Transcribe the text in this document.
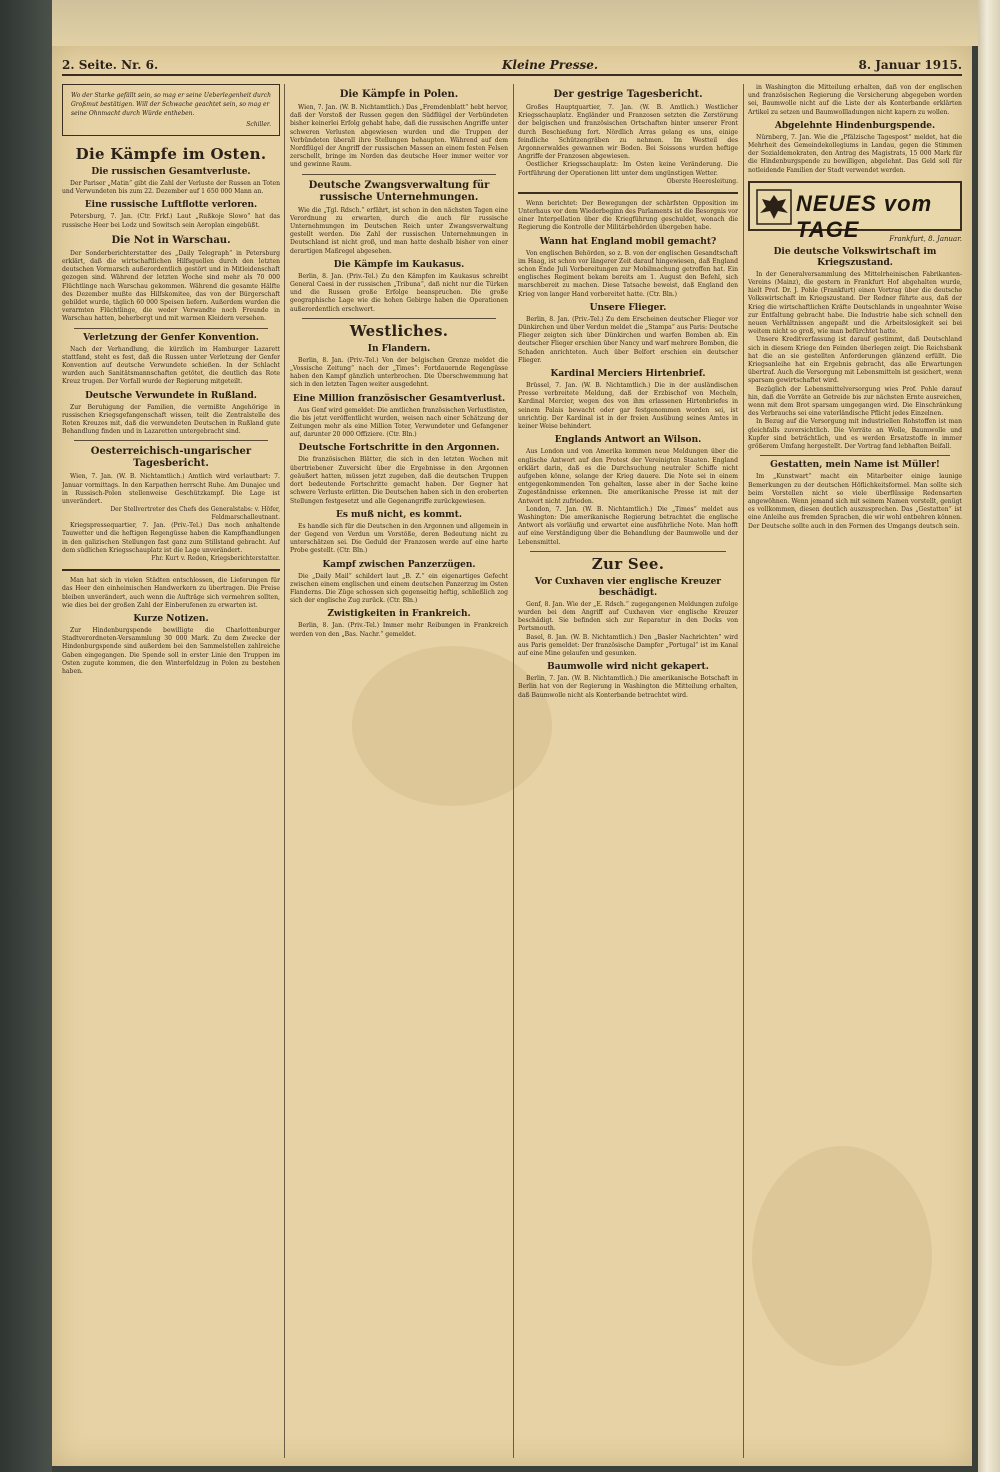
2. Seite. Nr. 6.	Kleine Presse.	8. Januar 1915.
Wo der Starke gefällt sein, so mag er seine Ueberlegenheit durch Großmut bestätigen. Will der Schwache geachtet sein, so mag er seine Ohnmacht durch Würde entheben.
Schiller.
Die Kämpfe im Osten.
Die russischen Gesamtverluste.

Der Pariser „Matin“ gibt die Zahl der Verluste der Russen an Toten und Verwundeten bis zum 22. Dezember auf 1 650 000 Mann an.

Eine russische Luftflotte verloren.

Petersburg, 7. Jan. (Ctr. Frkf.) Laut „Rußkoje Slowo“ hat das russische Heer bei Lodz und Sowitsch sein Aeroplan eingebüßt.

Die Not in Warschau.

Der Sonderberichterstatter des „Daily Telegraph“ in Petersburg erklärt, daß die wirtschaftlichen Hilfsquellen durch den letzten deutschen Vormarsch außerordentlich gestört und in Mitleidenschaft gezogen sind. Während der letzten Woche sind mehr als 70 000 Flüchtlinge nach Warschau gekommen. Während die gesamte Hälfte des Dezember mußte das Hilfskomitee, das von der Bürgerschaft gebildet wurde, täglich 60 000 Speisen liefern. Außerdem wurden die verarmten Flüchtlinge, die weder Verwandte noch Freunde in Warschau hatten, beherbergt und mit warmen Kleidern versehen.

Verletzung der Genfer Konvention.

Nach der Verhandlung, die kürzlich im Hamburger Lazarett stattfand, steht es fest, daß die Russen unter Verletzung der Genfer Konvention auf deutsche Verwundete schießen. In der Schlacht wurden auch Sanitätsmannschaften getötet, die deutlich das Rote Kreuz trugen. Der Vorfall wurde der Regierung mitgeteilt.

Deutsche Verwundete in Rußland.

Zur Beruhigung der Familien, die vermißte Angehörige in russischen Kriegsgefangenschaft wissen, teilt die Zentralstelle des Roten Kreuzes mit, daß die verwundeten Deutschen in Rußland gute Behandlung finden und in Lazaretten untergebracht sind.

Oesterreichisch-ungarischer Tagesbericht.

Wien, 7. Jan. (W. B. Nichtamtlich.) Amtlich wird verlautbart: 7. Januar vormittags. In den Karpathen herrscht Ruhe. Am Dunajec und in Russisch-Polen stellenweise Geschützkampf. Die Lage ist unverändert.

Der Stellvertreter des Chefs des Generalstabs: v. Höfer, Feldmarschalleutnant.

Kriegspressequartier, 7. Jan. (Priv.-Tel.) Das noch anhaltende Tauwetter und die heftigen Regengüsse haben die Kampfhandlungen in den galizischen Stellungen fast ganz zum Stillstand gebracht. Auf dem südlichen Kriegsschauplatz ist die Lage unverändert.

Fhr. Kurt v. Reden, Kriegsberichterstatter.

Man hat sich in vielen Städten entschlossen, die Lieferungen für das Heer den einheimischen Handwerkern zu übertragen. Die Preise bleiben unverändert, auch wenn die Aufträge sich vermehren sollten, wie dies bei der großen Zahl der Einberufenen zu erwarten ist.

Kurze Notizen.

Zur Hindenburgspende bewilligte die Charlottenburger Stadtverordneten-Versammlung 30 000 Mark. Zu dem Zwecke der Hindenburgspende sind außerdem bei den Sammelstellen zahlreiche Gaben eingegangen. Die Spende soll in erster Linie den Truppen im Osten zugute kommen, die den Winterfeldzug in Polen zu bestehen haben.

Die Kämpfe in Polen.

Wien, 7. Jan. (W. B. Nichtamtlich.) Das „Fremdenblatt“ hebt hervor, daß der Vorstoß der Russen gegen den Südflügel der Verbündeten bisher keinerlei Erfolg gehabt habe, daß die russischen Angriffe unter schweren Verlusten abgewiesen wurden und die Truppen der Verbündeten überall ihre Stellungen behaupten. Während auf dem Nordflügel der Angriff der russischen Massen an einem festen Felsen zerschellt, bringe im Norden das deutsche Heer immer weiter vor und gewinne Raum.

Deutsche Zwangsverwaltung für russische Unternehmungen.

Wie die „Tgl. Rdsch.“ erfährt, ist schon in den nächsten Tagen eine Verordnung zu erwarten, durch die auch für russische Unternehmungen im Deutschen Reich unter Zwangsverwaltung gestellt werden. Die Zahl der russischen Unternehmungen in Deutschland ist nicht groß, und man hatte deshalb bisher von einer derartigen Maßregel abgesehen.

Die Kämpfe im Kaukasus.

Berlin, 8. Jan. (Priv.-Tel.) Zu den Kämpfen im Kaukasus schreibt General Caesi in der russischen „Tribuna“, daß nicht nur die Türken und die Russen große Erfolge beanspruchen. Die große geographische Lage wie die hohen Gebirge haben die Operationen außerordentlich erschwert.

Westliches.
In Flandern.

Berlin, 8. Jan. (Priv.-Tel.) Von der belgischen Grenze meldet die „Vossische Zeitung“ nach der „Times“: Fortdauernde Regengüsse haben den Kampf gänzlich unterbrochen. Die Überschwemmung hat sich in den letzten Tagen weiter ausgedehnt.

Eine Million französischer Gesamtverlust.

Aus Genf wird gemeldet: Die amtlichen französischen Verlustlisten, die bis jetzt veröffentlicht wurden, weisen nach einer Schätzung der Zeitungen mehr als eine Million Toter, Verwundeter und Gefangener auf, darunter 20 000 Offiziere. (Ctr. Bln.)

Deutsche Fortschritte in den Argonnen.

Die französischen Blätter, die sich in den letzten Wochen mit übertriebener Zuversicht über die Ergebnisse in den Argonnen geäußert hatten, müssen jetzt zugeben, daß die deutschen Truppen dort bedeutende Fortschritte gemacht haben. Der Gegner hat schwere Verluste erlitten. Die Deutschen haben sich in den eroberten Stellungen festgesetzt und alle Gegenangriffe zurückgewiesen.

Es muß nicht, es kommt.

Es handle sich für die Deutschen in den Argonnen und allgemein in der Gegend von Verdun um Vorstöße, deren Bedeutung nicht zu unterschätzen sei. Die Geduld der Franzosen werde auf eine harte Probe gestellt. (Ctr. Bln.)

Kampf zwischen Panzerzügen.

Die „Daily Mail“ schildert laut „B. Z.“ ein eigenartiges Gefecht zwischen einem englischen und einem deutschen Panzerzug im Osten Flanderns. Die Züge schossen sich gegenseitig heftig, schließlich zog sich der englische Zug zurück. (Ctr. Bln.)

Zwistigkeiten in Frankreich.

Berlin, 8. Jan. (Priv.-Tel.) Immer mehr Reibungen in Frankreich werden von den „Bas. Nachr.“ gemeldet.

Der gestrige Tagesbericht.

Großes Hauptquartier, 7. Jan. (W. B. Amtlich.) Westlicher Kriegsschauplatz. Engländer und Franzosen setzten die Zerstörung der belgischen und französischen Ortschaften hinter unserer Front durch Beschießung fort. Nördlich Arras gelang es uns, einige feindliche Schützengräben zu nehmen. Im Westteil des Argonnerwaldes gewannen wir Boden. Bei Soissons wurden heftige Angriffe der Franzosen abgewiesen.

Oestlicher Kriegsschauplatz: Im Osten keine Veränderung. Die Fortführung der Operationen litt unter dem ungünstigen Wetter.

Oberste Heeresleitung.

Wenn berichtet: Der Bewegungen der schärfsten Opposition im Unterhaus vor dem Wiederbeginn des Parlaments ist die Besorgnis vor einer Interpellation über die Kriegführung geschuldet, wonach die Regierung die Kontrolle der Militärbehörden übergeben habe.

Wann hat England mobil gemacht?

Von englischen Behörden, so z. B. von der englischen Gesandtschaft im Haag, ist schon vor längerer Zeit darauf hingewiesen, daß England schon Ende Juli Vorbereitungen zur Mobilmachung getroffen hat. Ein englisches Regiment bekam bereits am 1. August den Befehl, sich marschbereit zu machen. Diese Tatsache beweist, daß England den Krieg von langer Hand vorbereitet hatte. (Ctr. Bln.)

Unsere Flieger.

Berlin, 8. Jan. (Priv.-Tel.) Zu dem Erscheinen deutscher Flieger vor Dünkirchen und über Verdun meldet die „Stampa“ aus Paris: Deutsche Flieger zeigten sich über Dünkirchen und warfen Bomben ab. Ein deutscher Flieger erschien über Nancy und warf mehrere Bomben, die Schaden anrichteten. Auch über Belfort erschien ein deutscher Flieger.

Kardinal Merciers Hirtenbrief.

Brüssel, 7. Jan. (W. B. Nichtamtlich.) Die in der ausländischen Presse verbreitete Meldung, daß der Erzbischof von Mecheln, Kardinal Mercier, wegen des von ihm erlassenen Hirtenbriefes in seinem Palais bewacht oder gar festgenommen worden sei, ist unrichtig. Der Kardinal ist in der freien Ausübung seines Amtes in keiner Weise behindert.

Englands Antwort an Wilson.

Aus London und von Amerika kommen neue Meldungen über die englische Antwort auf den Protest der Vereinigten Staaten. England erklärt darin, daß es die Durchsuchung neutraler Schiffe nicht aufgeben könne, solange der Krieg dauere. Die Note sei in einem entgegenkommenden Ton gehalten, lasse aber in der Sache keine Zugeständnisse erkennen. Die amerikanische Presse ist mit der Antwort nicht zufrieden.

London, 7. Jan. (W. B. Nichtamtlich.) Die „Times“ meldet aus Washington: Die amerikanische Regierung betrachtet die englische Antwort als vorläufig und erwartet eine ausführliche Note. Man hofft auf eine Verständigung über die Behandlung der Baumwolle und der Lebensmittel.

Zur See.
Vor Cuxhaven vier englische Kreuzer beschädigt.

Genf, 8. Jan. Wie der „E. Rdsch.“ zugegangenen Meldungen zufolge wurden bei dem Angriff auf Cuxhaven vier englische Kreuzer beschädigt. Sie befinden sich zur Reparatur in den Docks von Portsmouth.

Basel, 8. Jan. (W. B. Nichtamtlich.) Den „Basler Nachrichten“ wird aus Paris gemeldet: Der französische Dampfer „Portugal“ ist im Kanal auf eine Mine gelaufen und gesunken.

Baumwolle wird nicht gekapert.

Berlin, 7. Jan. (W. B. Nichtamtlich.) Die amerikanische Botschaft in Berlin hat von der Regierung in Washington die Mitteilung erhalten, daß Baumwolle nicht als Konterbande betrachtet wird.

in Washington die Mitteilung erhalten, daß von der englischen und französischen Regierung die Versicherung abgegeben worden sei, Baumwolle nicht auf die Liste der als Konterbande erklärten Artikel zu setzen und Baumwollladungen nicht kapern zu wollen.

Abgelehnte Hindenburgspende.

Nürnberg, 7. Jan. Wie die „Pfälzische Tagespost“ meldet, hat die Mehrheit des Gemeindekollegiums in Landau, gegen die Stimmen der Sozialdemokraten, den Antrag des Magistrats, 15 000 Mark für die Hindenburgspende zu bewilligen, abgelehnt. Das Geld soll für notleidende Familien der Stadt verwendet werden.

NEUES vom TAGE	Frankfurt, 8. Januar.
Die deutsche Volkswirtschaft im Kriegszustand.

In der Generalversammlung des Mittelrheinischen Fabrikanten-Vereins (Mainz), die gestern in Frankfurt Hof abgehalten wurde, hielt Prof. Dr. J. Pohle (Frankfurt) einen Vortrag über die deutsche Volkswirtschaft im Kriegszustand. Der Redner führte aus, daß der Krieg die wirtschaftlichen Kräfte Deutschlands in ungeahnter Weise zur Entfaltung gebracht habe. Die Industrie habe sich schnell den neuen Verhältnissen angepaßt und die Arbeitslosigkeit sei bei weitem nicht so groß, wie man befürchtet hatte.

Unsere Kreditverfassung ist darauf gestimmt, daß Deutschland sich in diesem Kriege den Feinden überlegen zeigt. Die Reichsbank hat die an sie gestellten Anforderungen glänzend erfüllt. Die Kriegsanleihe hat ein Ergebnis gebracht, das alle Erwartungen übertraf. Auch die Versorgung mit Lebensmitteln ist gesichert, wenn sparsam gewirtschaftet wird.

Bezüglich der Lebensmittelversorgung wies Prof. Pohle darauf hin, daß die Vorräte an Getreide bis zur nächsten Ernte ausreichen, wenn mit dem Brot sparsam umgegangen wird. Die Einschränkung des Verbrauchs sei eine vaterländische Pflicht jedes Einzelnen.

In Bezug auf die Versorgung mit industriellen Rohstoffen ist man gleichfalls zuversichtlich. Die Vorräte an Wolle, Baumwolle und Kupfer sind beträchtlich, und es werden Ersatzstoffe in immer größerem Umfang hergestellt. Der Vortrag fand lebhaften Beifall.

Gestatten, mein Name ist Müller!

Im „Kunstwart“ macht ein Mitarbeiter einige launige Bemerkungen zu der deutschen Höflichkeitsformel. Man sollte sich beim Vorstellen nicht so viele überflüssige Redensarten angewöhnen. Wenn jemand sich mit seinem Namen vorstellt, genügt es vollkommen, diesen deutlich auszusprechen. Das „Gestatten“ ist eine Anleihe aus fremden Sprachen, die wir wohl entbehren können. Der Deutsche sollte auch in den Formen des Umgangs deutsch sein.
